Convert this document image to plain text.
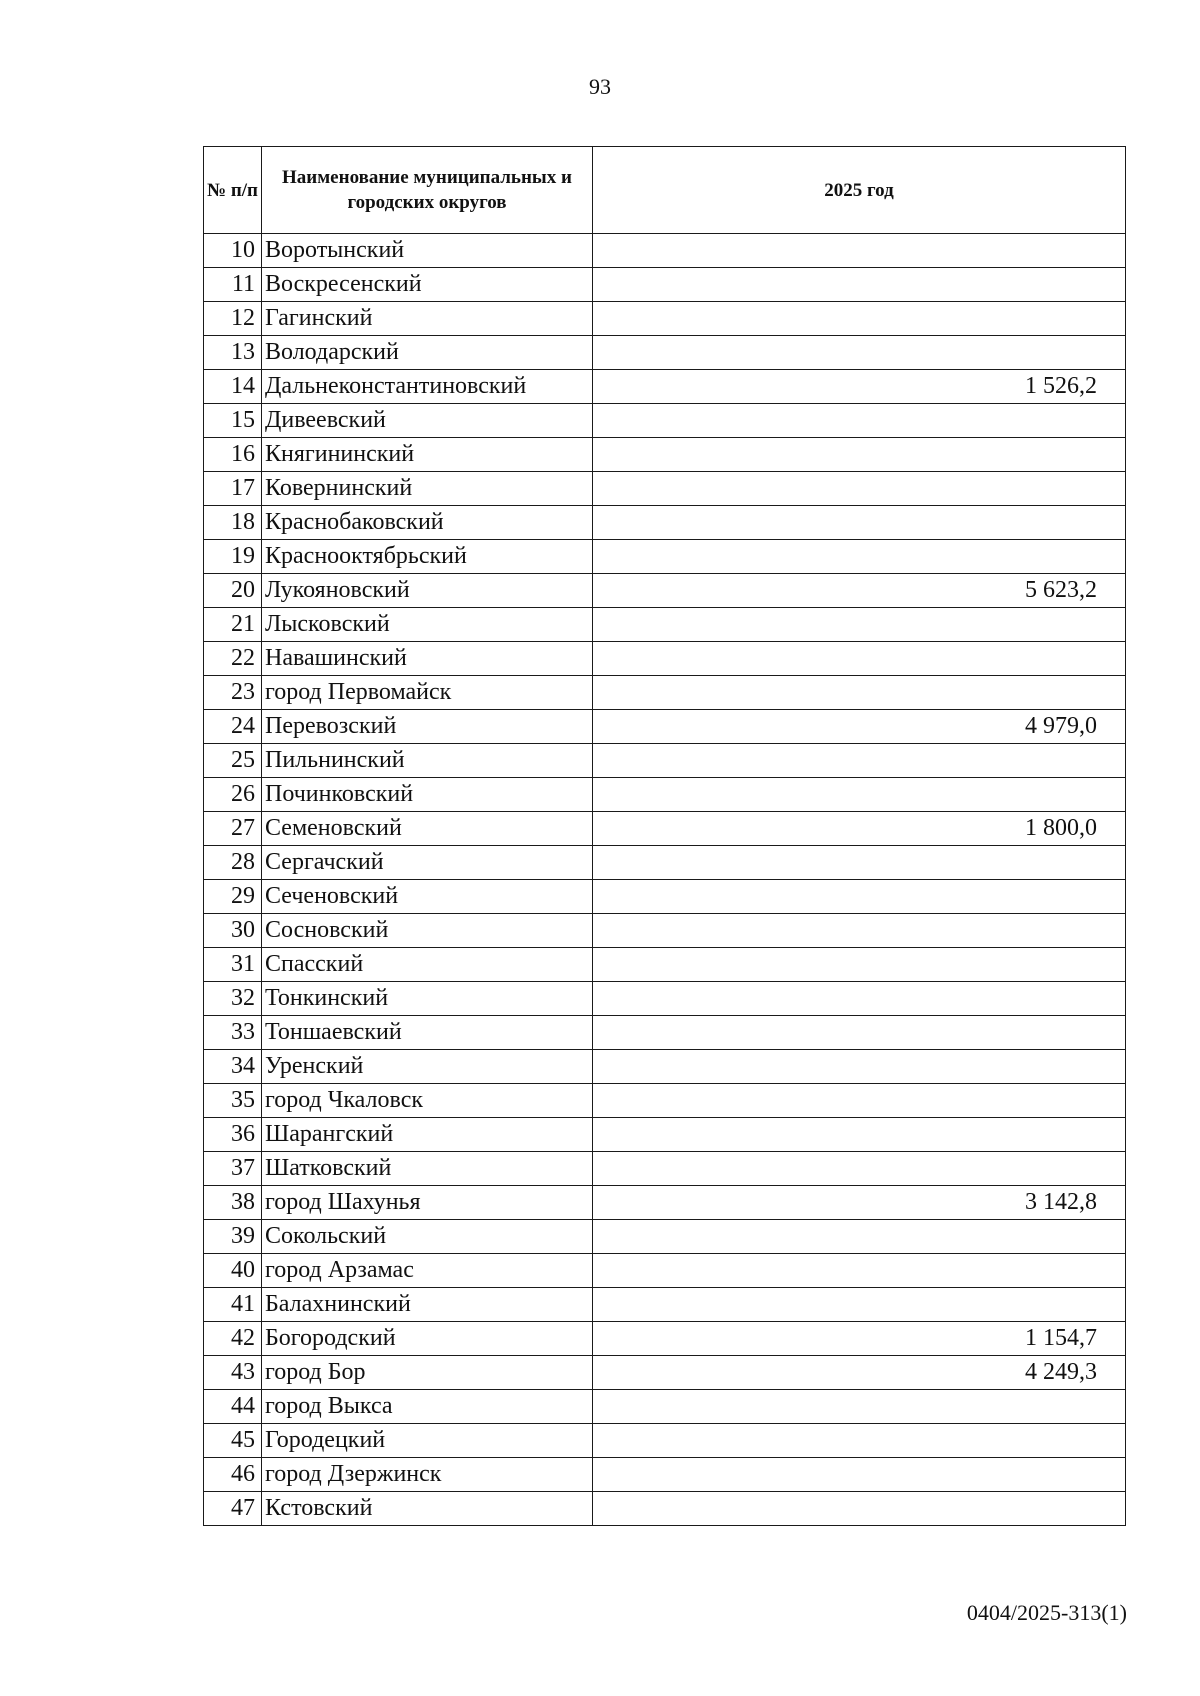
93
№ п/п	Наименование муниципальных и городских округов	2025 год
10	Воротынский	
11	Воскресенский	
12	Гагинский	
13	Володарский	
14	Дальнеконстантиновский	1 526,2
15	Дивеевский	
16	Княгининский	
17	Ковернинский	
18	Краснобаковский	
19	Краснооктябрьский	
20	Лукояновский	5 623,2
21	Лысковский	
22	Навашинский	
23	город Первомайск	
24	Перевозский	4 979,0
25	Пильнинский	
26	Починковский	
27	Семеновский	1 800,0
28	Сергачский	
29	Сеченовский	
30	Сосновский	
31	Спасский	
32	Тонкинский	
33	Тоншаевский	
34	Уренский	
35	город Чкаловск	
36	Шарангский	
37	Шатковский	
38	город Шахунья	3 142,8
39	Сокольский	
40	город Арзамас	
41	Балахнинский	
42	Богородский	1 154,7
43	город Бор	4 249,3
44	город Выкса	
45	Городецкий	
46	город Дзержинск	
47	Кстовский	
0404/2025-313(1)
